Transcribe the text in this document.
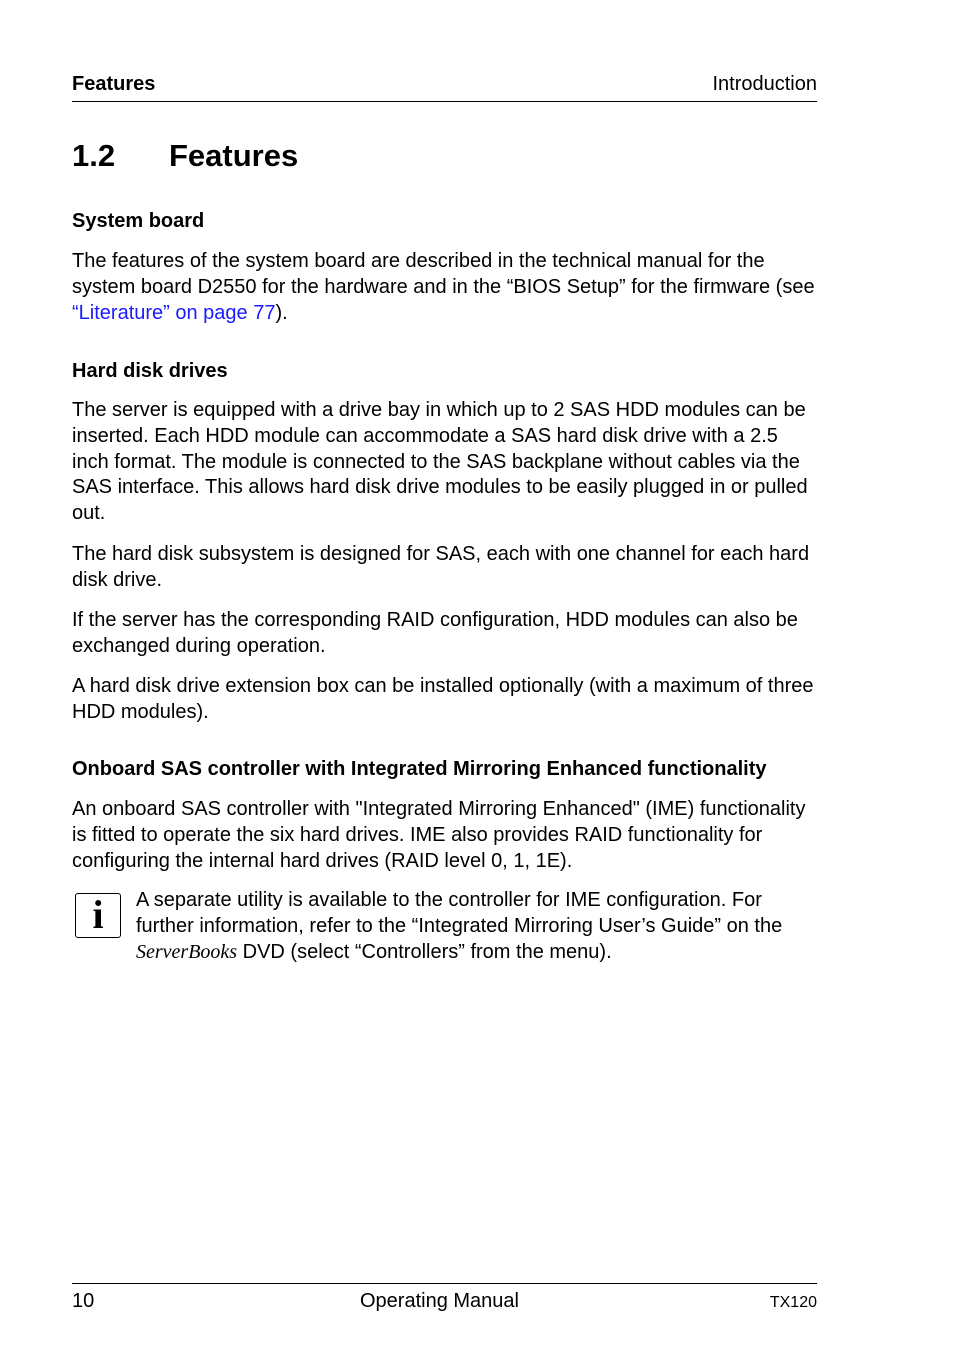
Features	Introduction
1.2 Features
System board
The features of the system board are described in the technical manual for the system board D2550 for the hardware and in the “BIOS Setup” for the firmware (see “Literature” on page 77).
Hard disk drives
The server is equipped with a drive bay in which up to 2 SAS HDD modules can be inserted. Each HDD module can accommodate a SAS hard disk drive with a 2.5 inch format. The module is connected to the SAS backplane without cables via the SAS interface. This allows hard disk drive modules to be easily plugged in or pulled out.
The hard disk subsystem is designed for SAS, each with one channel for each hard disk drive.
If the server has the corresponding RAID configuration, HDD modules can also be exchanged during operation.
A hard disk drive extension box can be installed optionally (with a maximum of three HDD modules).
Onboard SAS controller with Integrated Mirroring Enhanced functionality
An onboard SAS controller with "Integrated Mirroring Enhanced" (IME) functionality is fitted to operate the six hard drives. IME also provides RAID functionality for configuring the internal hard drives (RAID level 0, 1, 1E).
i	A separate utility is available to the controller for IME configuration. For further information, refer to the “Integrated Mirroring User’s Guide” on the ServerBooks DVD (select “Controllers” from the menu).
10	Operating Manual	TX120
